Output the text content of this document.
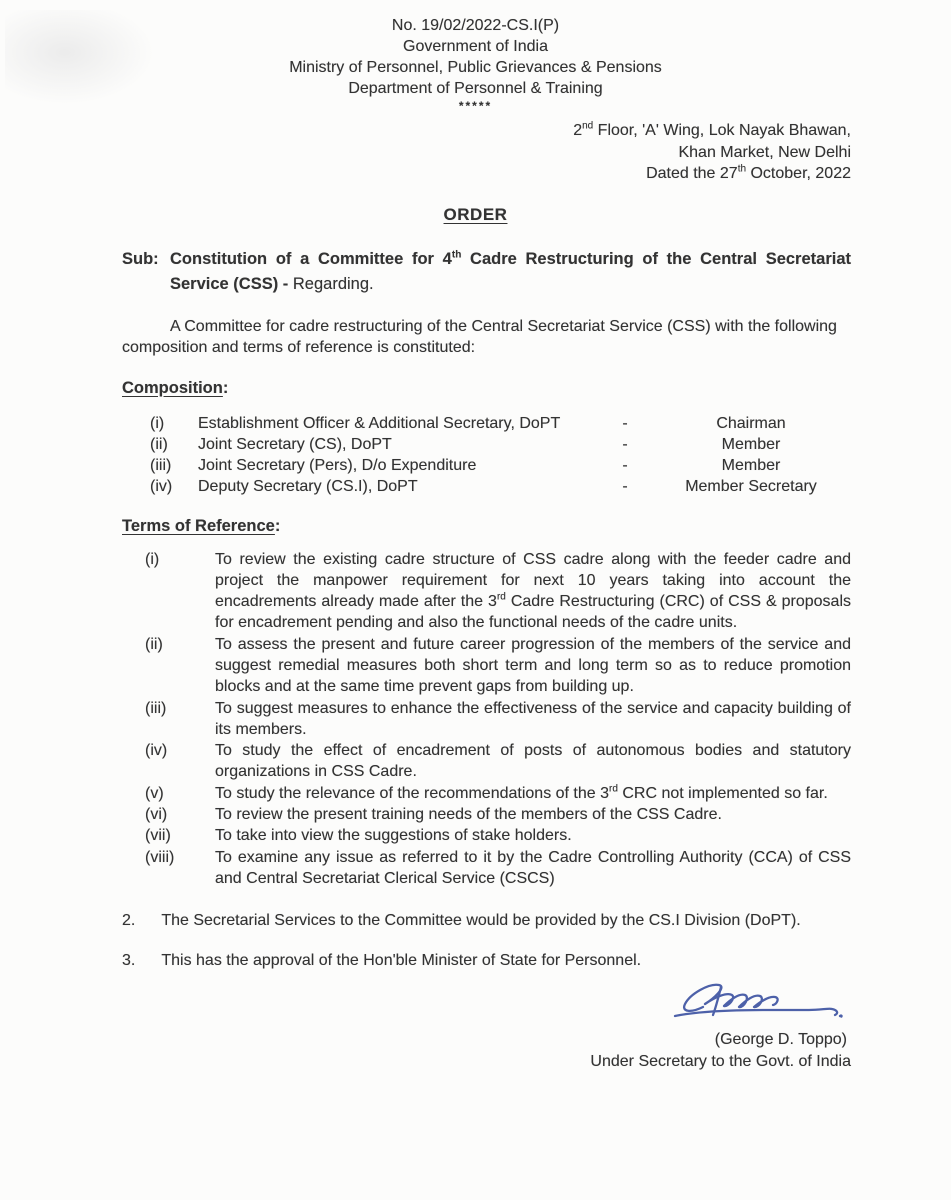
No. 19/02/2022-CS.I(P)
Government of India
Ministry of Personnel, Public Grievances & Pensions
Department of Personnel & Training
*****
2nd Floor, 'A' Wing, Lok Nayak Bhawan,
Khan Market, New Delhi
Dated the 27th October, 2022
ORDER
Sub: Constitution of a Committee for 4th Cadre Restructuring of the Central Secretariat Service (CSS) - Regarding.
A Committee for cadre restructuring of the Central Secretariat Service (CSS) with the following composition and terms of reference is constituted:
Composition:
(i)	Establishment Officer & Additional Secretary, DoPT	-	Chairman
(ii)	Joint Secretary (CS), DoPT	-	Member
(iii)	Joint Secretary (Pers), D/o Expenditure	-	Member
(iv)	Deputy Secretary (CS.I), DoPT	-	Member Secretary
Terms of Reference:
(i)	To review the existing cadre structure of CSS cadre along with the feeder cadre and project the manpower requirement for next 10 years taking into account the encadrements already made after the 3rd Cadre Restructuring (CRC) of CSS & proposals for encadrement pending and also the functional needs of the cadre units.
(ii)	To assess the present and future career progression of the members of the service and suggest remedial measures both short term and long term so as to reduce promotion blocks and at the same time prevent gaps from building up.
(iii)	To suggest measures to enhance the effectiveness of the service and capacity building of its members.
(iv)	To study the effect of encadrement of posts of autonomous bodies and statutory organizations in CSS Cadre.
(v)	To study the relevance of the recommendations of the 3rd CRC not implemented so far.
(vi)	To review the present training needs of the members of the CSS Cadre.
(vii)	To take into view the suggestions of stake holders.
(viii)	To examine any issue as referred to it by the Cadre Controlling Authority (CCA) of CSS and Central Secretariat Clerical Service (CSCS)
2. The Secretarial Services to the Committee would be provided by the CS.I Division (DoPT).
3. This has the approval of the Hon'ble Minister of State for Personnel.
(George D. Toppo)
Under Secretary to the Govt. of India
